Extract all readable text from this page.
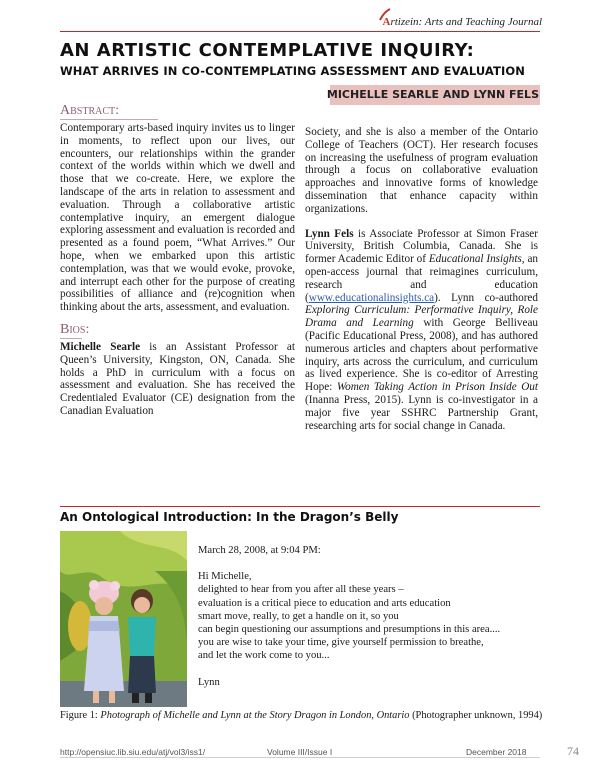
Artizein: Arts and Teaching Journal
AN ARTISTIC CONTEMPLATIVE INQUIRY:
WHAT ARRIVES IN CO-CONTEMPLATING ASSESSMENT AND EVALUATION
MICHELLE SEARLE AND LYNN FELS
Abstract:

Contemporary arts-based inquiry invites us to linger in moments, to reflect upon our lives, our encounters, our relationships within the grander context of the worlds within which we dwell and those that we co-create. Here, we explore the landscape of the arts in relation to assessment and evaluation. Through a collaborative artistic contemplative inquiry, an emergent dialogue exploring assessment and evaluation is recorded and presented as a found poem, “What Arrives.” Our hope, when we embarked upon this artistic contemplation, was that we would evoke, provoke, and interrupt each other for the purpose of creating possibilities of alliance and (re)cognition when thinking about the arts, assessment, and evaluation.

Bios:

Michelle Searle is an Assistant Professor at Queen’s University, Kingston, ON, Canada. She holds a PhD in curriculum with a focus on assessment and evaluation. She has received the Credentialed Evaluator (CE) designation from the Canadian Evaluation

Society, and she is also a member of the Ontario College of Teachers (OCT). Her research focuses on increasing the usefulness of program evaluation through a focus on collaborative evaluation approaches and innovative forms of knowledge dissemination that enhance capacity within organizations.

Lynn Fels is Associate Professor at Simon Fraser University, British Columbia, Canada. She is former Academic Editor of Educational Insights, an open-access journal that reimagines curriculum, research and education (www.educationalinsights.ca). Lynn co-authored Exploring Curriculum: Performative Inquiry, Role Drama and Learning with George Belliveau (Pacific Educational Press, 2008), and has authored numerous articles and chapters about performative inquiry, arts across the curriculum, and curriculum as lived experience. She is co-editor of Arresting Hope: Women Taking Action in Prison Inside Out (Inanna Press, 2015). Lynn is co-investigator in a major five year SSHRC Partnership Grant, researching arts for social change in Canada.

An Ontological Introduction: In the Dragon’s Belly
March 28, 2008, at 9:04 PM:
Hi Michelle,
delighted to hear from you after all these years –
evaluation is a critical piece to education and arts education
smart move, really, to get a handle on it, so you
can begin questioning our assumptions and presumptions in this area....
you are wise to take your time, give yourself permission to breathe,
and let the work come to you...
Lynn
Figure 1: Photograph of Michelle and Lynn at the Story Dragon in London, Ontario (Photographer unknown, 1994)
http://opensiuc.lib.siu.edu/atj/vol3/iss1/	Volume III/Issue I	December 2018	74
